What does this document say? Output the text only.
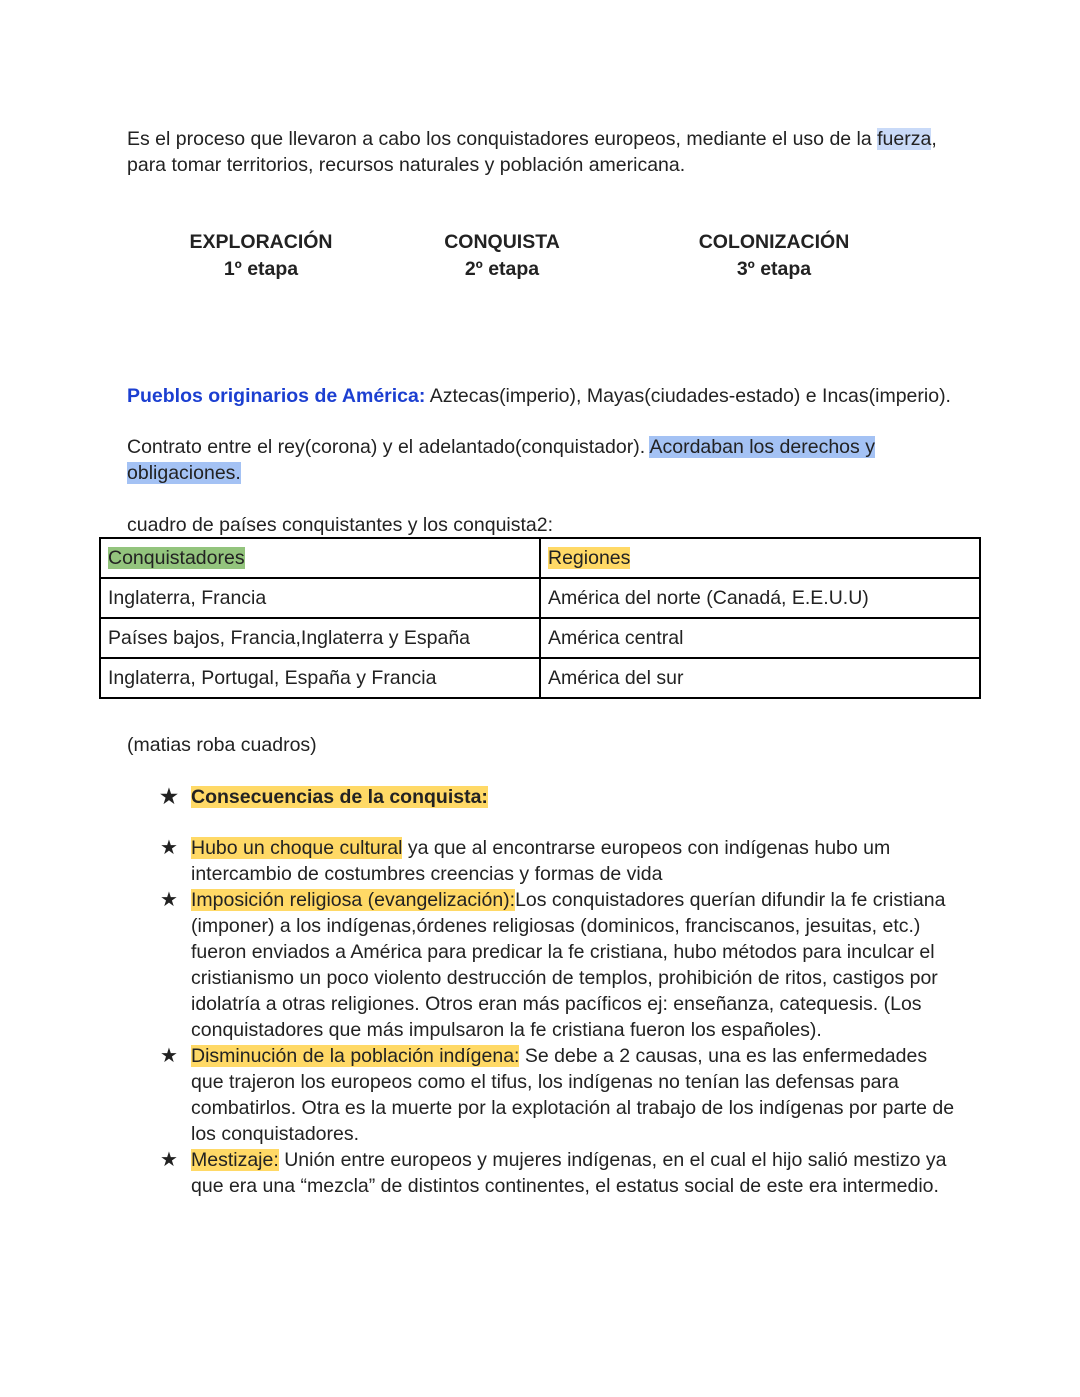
Es el proceso que llevaron a cabo los conquistadores europeos, mediante el uso de la fuerza, para tomar territorios, recursos naturales y población americana.
EXPLORACIÓN
1º etapa
CONQUISTA
2º etapa
COLONIZACIÓN
3º etapa
Pueblos originarios de América: Aztecas(imperio), Mayas(ciudades-estado) e Incas(imperio).
Contrato entre el rey(corona) y el adelantado(conquistador). Acordaban los derechos y obligaciones.
cuadro de países conquistantes y los conquista2:
Conquistadores	Regiones
Inglaterra, Francia	América del norte (Canadá, E.E.U.U)
Países bajos, Francia,Inglaterra y España	América central
Inglaterra, Portugal, España y Francia	América del sur
(matias roba cuadros)
★ Consecuencias de la conquista:
★ Hubo un choque cultural ya que al encontrarse europeos con indígenas hubo um intercambio de costumbres creencias y formas de vida
★ Imposición religiosa (evangelización):Los conquistadores querían difundir la fe cristiana (imponer) a los indígenas,órdenes religiosas (dominicos, franciscanos, jesuitas, etc.) fueron enviados a América para predicar la fe cristiana, hubo métodos para inculcar el cristianismo un poco violento destrucción de templos, prohibición de ritos, castigos por idolatría a otras religiones. Otros eran más pacíficos ej: enseñanza, catequesis. (Los conquistadores que más impulsaron la fe cristiana fueron los españoles).
★ Disminución de la población indígena: Se debe a 2 causas, una es las enfermedades que trajeron los europeos como el tifus, los indígenas no tenían las defensas para combatirlos. Otra es la muerte por la explotación al trabajo de los indígenas por parte de los conquistadores.
★ Mestizaje: Unión entre europeos y mujeres indígenas, en el cual el hijo salió mestizo ya que era una “mezcla” de distintos continentes, el estatus social de este era intermedio.
